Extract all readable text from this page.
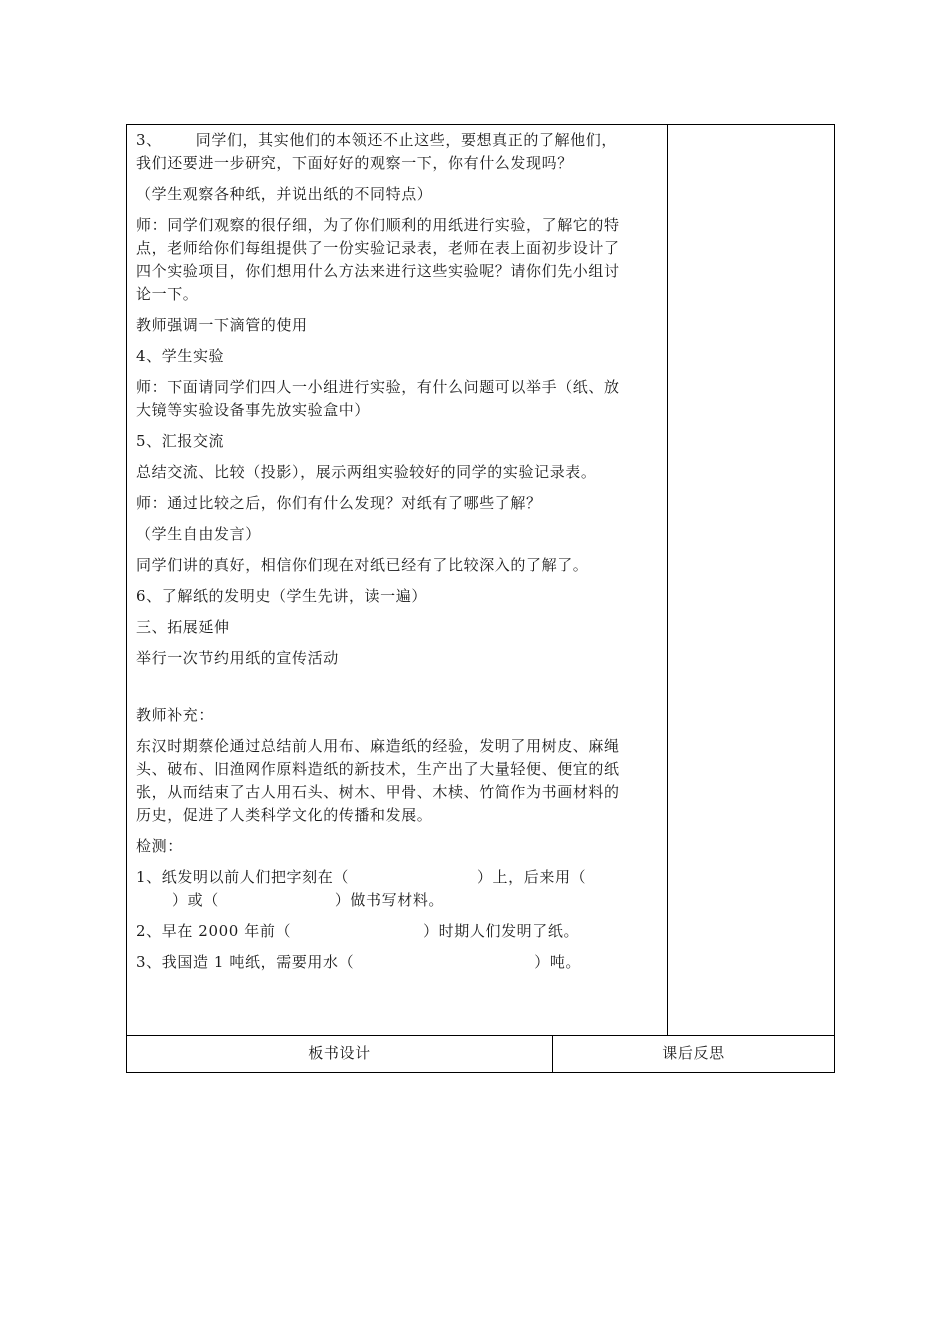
3、 同学们，其实他们的本领还不止这些，要想真正的了解他们，
我们还要进一步研究，下面好好的观察一下，你有什么发现吗？
（学生观察各种纸，并说出纸的不同特点）
师：同学们观察的很仔细，为了你们顺利的用纸进行实验，了解它的特
点，老师给你们每组提供了一份实验记录表，老师在表上面初步设计了
四个实验项目，你们想用什么方法来进行这些实验呢？请你们先小组讨
论一下。
教师强调一下滴管的使用
4、学生实验
师：下面请同学们四人一小组进行实验，有什么问题可以举手（纸、放
大镜等实验设备事先放实验盒中）
5、汇报交流
总结交流、比较（投影），展示两组实验较好的同学的实验记录表。
师：通过比较之后，你们有什么发现？对纸有了哪些了解？
（学生自由发言）
同学们讲的真好，相信你们现在对纸已经有了比较深入的了解了。
6、了解纸的发明史（学生先讲，读一遍）
三、拓展延伸
举行一次节约用纸的宣传活动
教师补充：
东汉时期蔡伦通过总结前人用布、麻造纸的经验，发明了用树皮、麻绳
头、破布、旧渔网作原料造纸的新技术，生产出了大量轻便、便宜的纸
张，从而结束了古人用石头、树木、甲骨、木椟、竹简作为书画材料的
历史，促进了人类科学文化的传播和发展。
检测：
1、纸发明以前人们把字刻在（	）上，后来用（
）或（	）做书写材料。
2、早在 2000 年前（	）时期人们发明了纸。
3、我国造 1 吨纸，需要用水（	）吨。
板书设计	课后反思
